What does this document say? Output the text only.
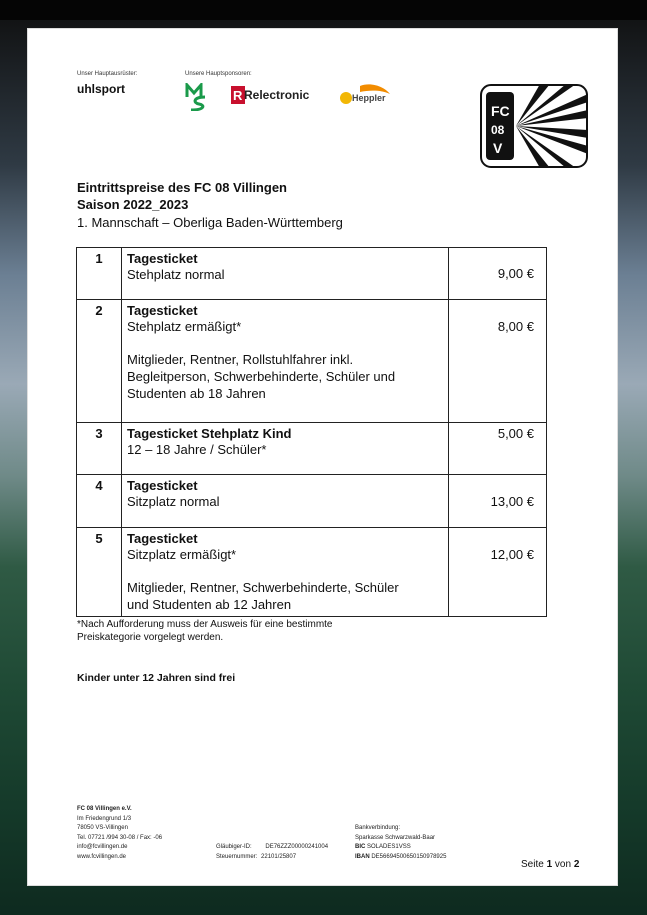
Unser Hauptausrüster:
uhlsport
Unsere Hauptsponsoren:
R Relectronic	Heppler
FC
08
V
Eintrittspreise des FC 08 Villingen
Saison 2022_2023
1. Mannschaft – Oberliga Baden-Württemberg
1	Tagesticket
Stehplatz normal	9,00 €
2	Tagesticket
Stehplatz ermäßigt*
Mitglieder, Rentner, Rollstuhlfahrer inkl.
Begleitperson, Schwerbehinderte, Schüler und
Studenten ab 18 Jahren	8,00 €
3	Tagesticket Stehplatz Kind
12 – 18 Jahre / Schüler*	5,00 €
4	Tagesticket
Sitzplatz normal	13,00 €
5	Tagesticket
Sitzplatz ermäßigt*
Mitglieder, Rentner, Schwerbehinderte, Schüler
und Studenten ab 12 Jahren	12,00 €
*Nach Aufforderung muss der Ausweis für eine bestimmte
Preiskategorie vorgelegt werden.
Kinder unter 12 Jahren sind frei
FC 08 Villingen e.V.
Im Friedengrund 1/3
78050 VS-Villingen
Tel. 07721 /994 30-08 / Fax: -06
info@fcvillingen.de
www.fcvillingen.de
Gläubiger-ID: DE76ZZZ00000241004
Steuernummer: 22101/25807
Bankverbindung:
Sparkasse Schwarzwald-Baar
BIC SOLADES1VSS
IBAN DE56694500650150978925
Seite 1 von 2
